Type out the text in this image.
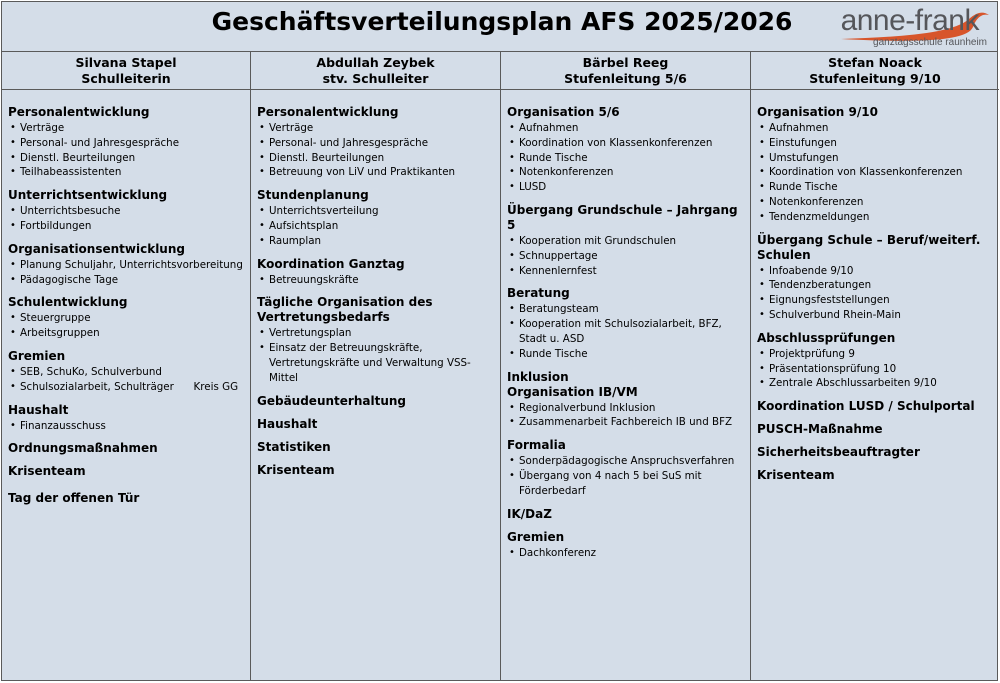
Geschäftsverteilungsplan AFS 2025/2026	anne-frank
ganztagsschule raunheim
Silvana Stapel
Schulleiterin
Personalentwicklung
• Verträge
• Personal- und Jahresgespräche
• Dienstl. Beurteilungen
• Teilhabeassistenten
Unterrichtsentwicklung
• Unterrichtsbesuche
• Fortbildungen
Organisationsentwicklung
• Planung Schuljahr, Unterrichtsvorbereitung
• Pädagogische Tage
Schulentwicklung
• Steuergruppe
• Arbeitsgruppen
Gremien
• SEB, SchuKo, Schulverbund
• Schulsozialarbeit, Schulträger      Kreis GG
Haushalt
• Finanzausschuss
Ordnungsmaßnahmen
Krisenteam
Tag der offenen Tür
Abdullah Zeybek
stv. Schulleiter
Personalentwicklung
• Verträge
• Personal- und Jahresgespräche
• Dienstl. Beurteilungen
• Betreuung von LiV und Praktikanten
Stundenplanung
• Unterrichtsverteilung
• Aufsichtsplan
• Raumplan
Koordination Ganztag
• Betreuungskräfte
Tägliche Organisation des Vertretungsbedarfs
• Vertretungsplan
• Einsatz der Betreuungskräfte, Vertretungskräfte und Verwaltung VSS-Mittel
Gebäudeunterhaltung
Haushalt
Statistiken
Krisenteam
Bärbel Reeg
Stufenleitung 5/6
Organisation 5/6
• Aufnahmen
• Koordination von Klassenkonferenzen
• Runde Tische
• Notenkonferenzen
• LUSD
Übergang Grundschule – Jahrgang 5
• Kooperation mit Grundschulen
• Schnuppertage
• Kennenlernfest
Beratung
• Beratungsteam
• Kooperation mit Schulsozialarbeit, BFZ, Stadt u. ASD
• Runde Tische
Inklusion
Organisation IB/VM
• Regionalverbund Inklusion
• Zusammenarbeit Fachbereich IB und BFZ
Formalia
• Sonderpädagogische Anspruchsverfahren
• Übergang von 4 nach 5 bei SuS mit Förderbedarf
IK/DaZ
Gremien
• Dachkonferenz
Stefan Noack
Stufenleitung 9/10
Organisation 9/10
• Aufnahmen
• Einstufungen
• Umstufungen
• Koordination von Klassenkonferenzen
• Runde Tische
• Notenkonferenzen
• Tendenzmeldungen
Übergang Schule – Beruf/weiterf. Schulen
• Infoabende 9/10
• Tendenzberatungen
• Eignungsfeststellungen
• Schulverbund Rhein-Main
Abschlussprüfungen
• Projektprüfung 9
• Präsentationsprüfung 10
• Zentrale Abschlussarbeiten 9/10
Koordination LUSD / Schulportal
PUSCH-Maßnahme
Sicherheitsbeauftragter
Krisenteam
